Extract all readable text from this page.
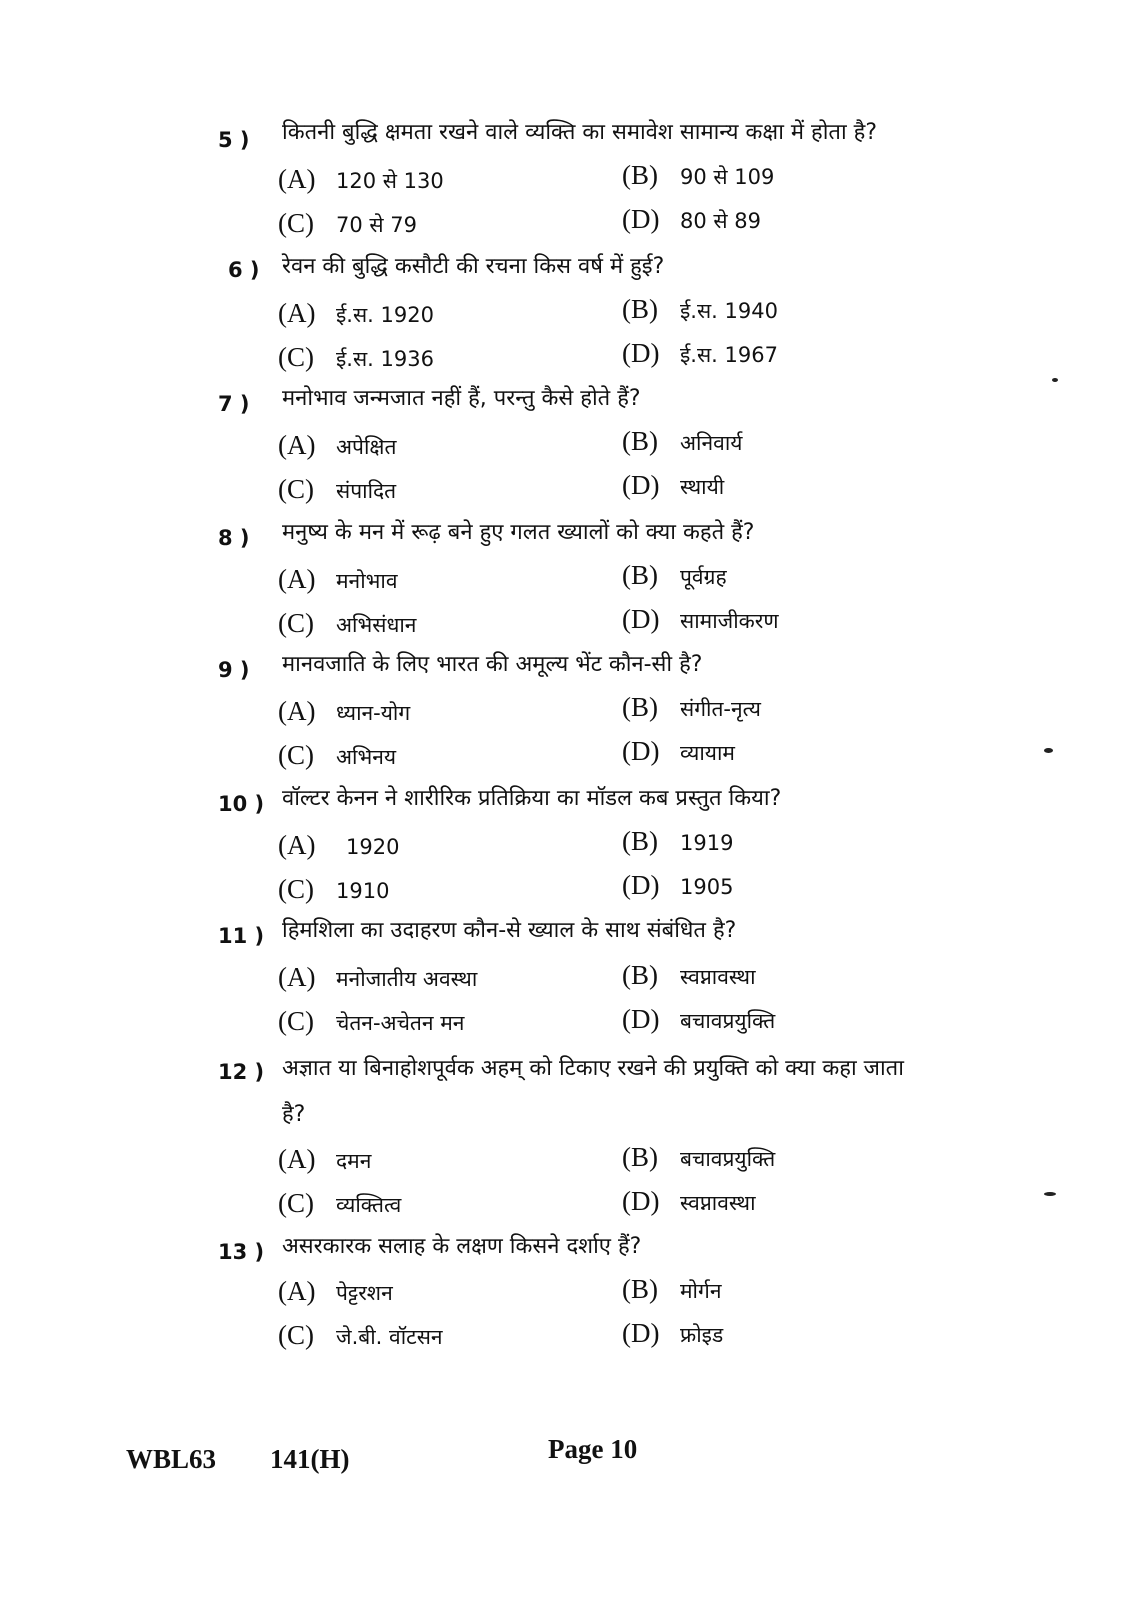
5 ) कितनी बुद्धि क्षमता रखने वाले व्यक्ति का समावेश सामान्य कक्षा में होता है?
(A) 120 से 130	(B) 90 से 109
(C) 70 से 79	(D) 80 से 89
6 ) रेवन की बुद्धि कसौटी की रचना किस वर्ष में हुई?
(A) ई.स. 1920	(B) ई.स. 1940
(C) ई.स. 1936	(D) ई.स. 1967
7 ) मनोभाव जन्मजात नहीं हैं, परन्तु कैसे होते हैं?
(A) अपेक्षित	(B) अनिवार्य
(C) संपादित	(D) स्थायी
8 ) मनुष्य के मन में रूढ़ बने हुए गलत ख्यालों को क्या कहते हैं?
(A) मनोभाव	(B) पूर्वग्रह
(C) अभिसंधान	(D) सामाजीकरण
9 ) मानवजाति के लिए भारत की अमूल्य भेंट कौन-सी है?
(A) ध्यान-योग	(B) संगीत-नृत्य
(C) अभिनय	(D) व्यायाम
10 ) वॉल्टर केनन ने शारीरिक प्रतिक्रिया का मॉडल कब प्रस्तुत किया?
(A) 1920	(B) 1919
(C) 1910	(D) 1905
11 ) हिमशिला का उदाहरण कौन-से ख्याल के साथ संबंधित है?
(A) मनोजातीय अवस्था	(B) स्वप्नावस्था
(C) चेतन-अचेतन मन	(D) बचावप्रयुक्ति
12 ) अज्ञात या बिनाहोशपूर्वक अहम् को टिकाए रखने की प्रयुक्ति को क्या कहा जाता है?
(A) दमन	(B) बचावप्रयुक्ति
(C) व्यक्तित्व	(D) स्वप्नावस्था
13 ) असरकारक सलाह के लक्षण किसने दर्शाए हैं?
(A) पेट्टरशन	(B) मोर्गन
(C) जे.बी. वॉटसन	(D) फ्रोइड
WBL63 141(H)	Page 10
